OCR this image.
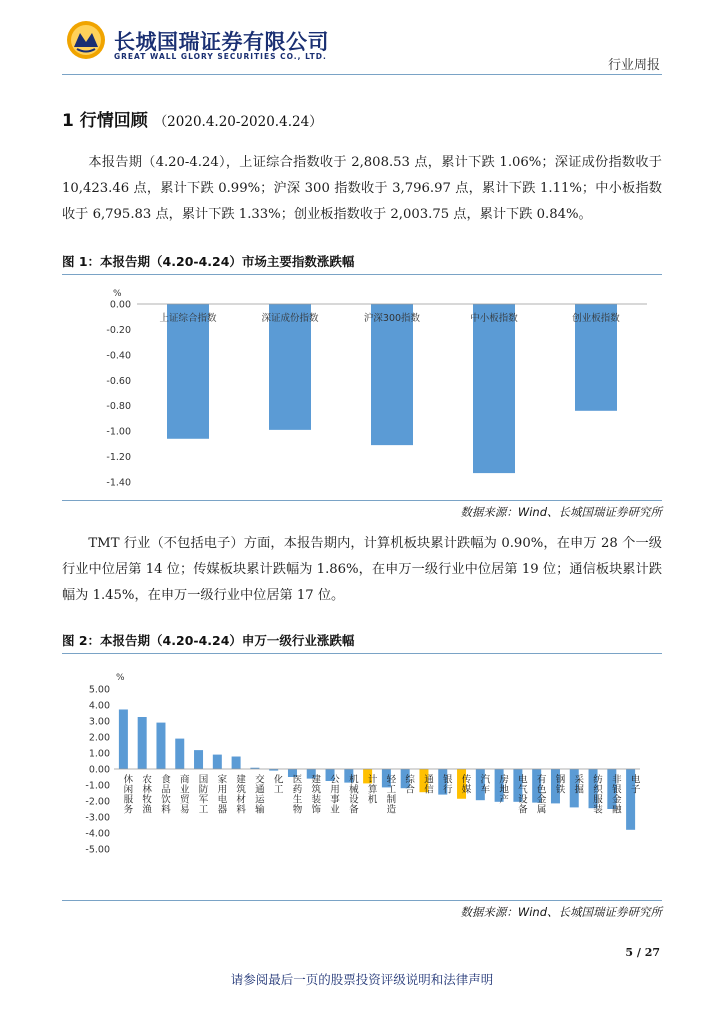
长城国瑞证券有限公司
GREAT WALL GLORY SECURITIES CO., LTD.
行业周报
1 行情回顾 （2020.4.20-2020.4.24）
本报告期（4.20-4.24），上证综合指数收于 2,808.53 点，累计下跌 1.06%；深证成份指数收于 10,423.46 点，累计下跌 0.99%；沪深 300 指数收于 3,796.97 点，累计下跌 1.11%；中小板指数收于 6,795.83 点，累计下跌 1.33%；创业板指数收于 2,003.75 点，累计下跌 0.84%。
图 1：本报告期（4.20-4.24）市场主要指数涨跌幅
%
0.00
-0.20
-0.40
-0.60
-0.80
-1.00
-1.20
-1.40
上证综合指数	深证成份指数	沪深300指数	中小板指数	创业板指数
数据来源：Wind、长城国瑞证券研究所
TMT 行业（不包括电子）方面，本报告期内，计算机板块累计跌幅为 0.90%，在申万 28 个一级行业中位居第 14 位；传媒板块累计跌幅为 1.86%，在申万一级行业中位居第 19 位；通信板块累计跌幅为 1.45%，在申万一级行业中位居第 17 位。
图 2：本报告期（4.20-4.24）申万一级行业涨跌幅
%
5.00
4.00
3.00
2.00
1.00
0.00
-1.00
-2.00
-3.00
-4.00
-5.00
休闲服务 农林牧渔 食品饮料 商业贸易 国防军工 家用电器 建筑材料 交通运输 化工 医药生物 建筑装饰 公用事业 机械设备 计算机 轻工制造 综合 通信 银行 传媒 汽车 房地产 电气设备 有色金属 钢铁 采掘 纺织服装 非银金融 电子
数据来源：Wind、长城国瑞证券研究所
5 / 27
请参阅最后一页的股票投资评级说明和法律声明
